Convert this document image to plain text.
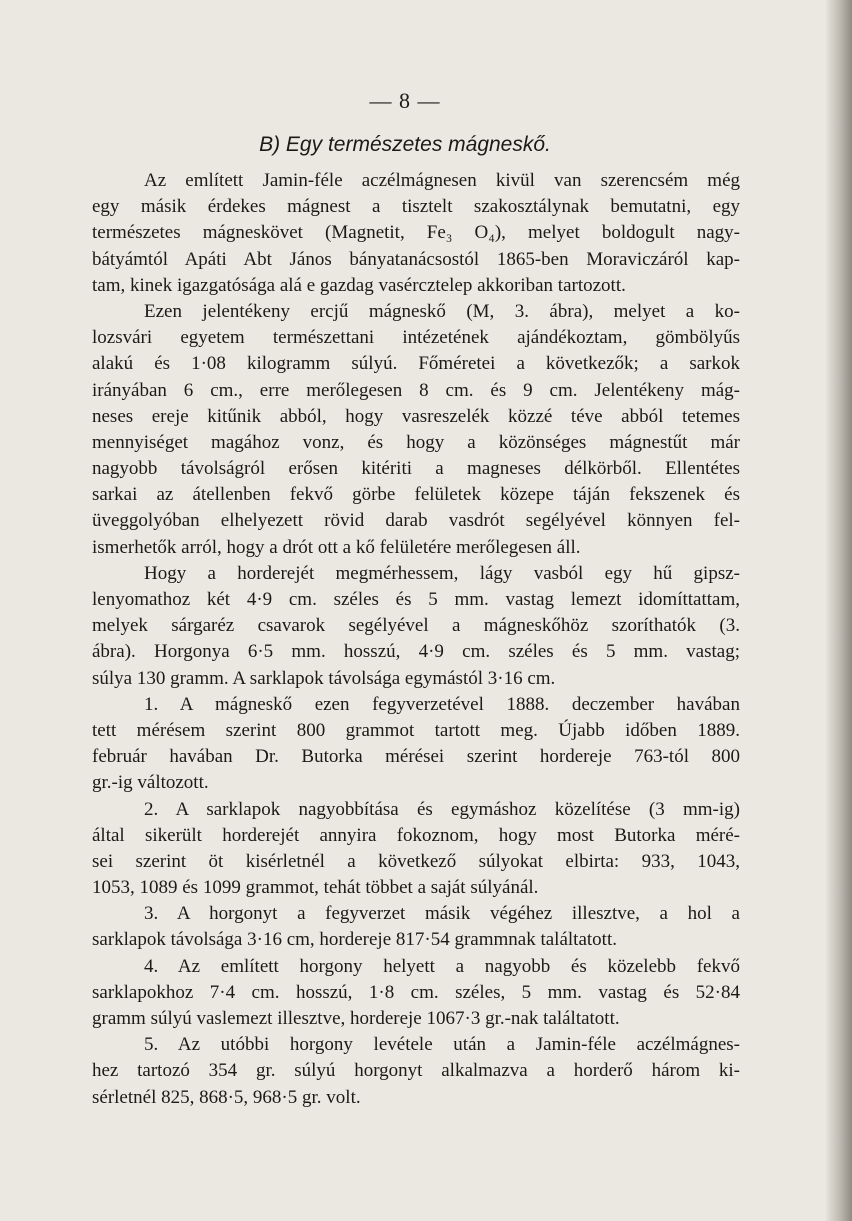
— 8 —
B) Egy természetes mágneskő.
Az említett Jamin-féle aczélmágnesen kivül van szerencsém még
egy másik érdekes mágnest a tisztelt szakosztálynak bemutatni, egy
természetes mágneskövet (Magnetit, Fe₃ O₄), melyet boldogult nagy-
bátyámtól Apáti Abt János bányatanácsostól 1865-ben Moraviczáról kap-
tam, kinek igazgatósága alá e gazdag vasérczteleр akkoriban tartozott.
Ezen jelentékeny ercjű mágneskő (M, 3. ábra), melyet a ko-
lozsvári egyetem természettani intézetének ajándékoztam, gömbölyűs
alakú és 1·08 kilogramm súlyú. Főméretei a következők; a sarkok
irányában 6 cm., erre merőlegesen 8 cm. és 9 cm. Jelentékeny mág-
neses ereje kitűnik abból, hogy vasreszelék közzé téve abból tetemes
mennyiséget magához vonz, és hogy a közönséges mágnestűt már
nagyobb távolságról erősen kitériti a magneses délkörből. Ellentétes
sarkai az átellenben fekvő görbe felületek közepe táján fekszenek és
üveggolyóban elhelyezett rövid darab vasdrót segélyével könnyen fel-
ismerhetők arról, hogy a drót ott a kő felületére merőlegesen áll.
Hogy a horderejét megmérhessem, lágy vasból egy hű gipsz-
lenyomathoz két 4·9 cm. széles és 5 mm. vastag lemezt idomíttattam,
melyek sárgaréz csavarok segélyével a mágneskőhöz szoríthatók (3.
ábra). Horgonya 6·5 mm. hosszú, 4·9 cm. széles és 5 mm. vastag;
súlya 130 gramm. A sarklapok távolsága egymástól 3·16 cm.
1. A mágneskő ezen fegyverzetével 1888. deczember havában
tett mérésem szerint 800 grammot tartott meg. Újabb időben 1889.
február havában Dr. Butorka mérései szerint hordereje 763-tól 800
gr.-ig változott.
2. A sarklapok nagyobbítása és egymáshoz közelítése (3 mm-ig)
által sikerült horderejét annyira fokoznom, hogy most Butorka méré-
sei szerint öt kisérletnél a következő súlyokat elbirta: 933, 1043,
1053, 1089 és 1099 grammot, tehát többet a saját súlyánál.
3. A horgonyt a fegyverzet másik végéhez illesztve, a hol a
sarklapok távolsága 3·16 cm, hordereje 817·54 grammnak találtatott.
4. Az említett horgony helyett a nagyobb és közelebb fekvő
sarklapokhoz 7·4 cm. hosszú, 1·8 cm. széles, 5 mm. vastag és 52·84
gramm súlyú vaslemezt illesztve, hordereje 1067·3 gr.-nak találtatott.
5. Az utóbbi horgony levétele után a Jamin-féle aczélmágnes-
hez tartozó 354 gr. súlyú horgonyt alkalmazva a horderő három ki-
sérletnél 825, 868·5, 968·5 gr. volt.
